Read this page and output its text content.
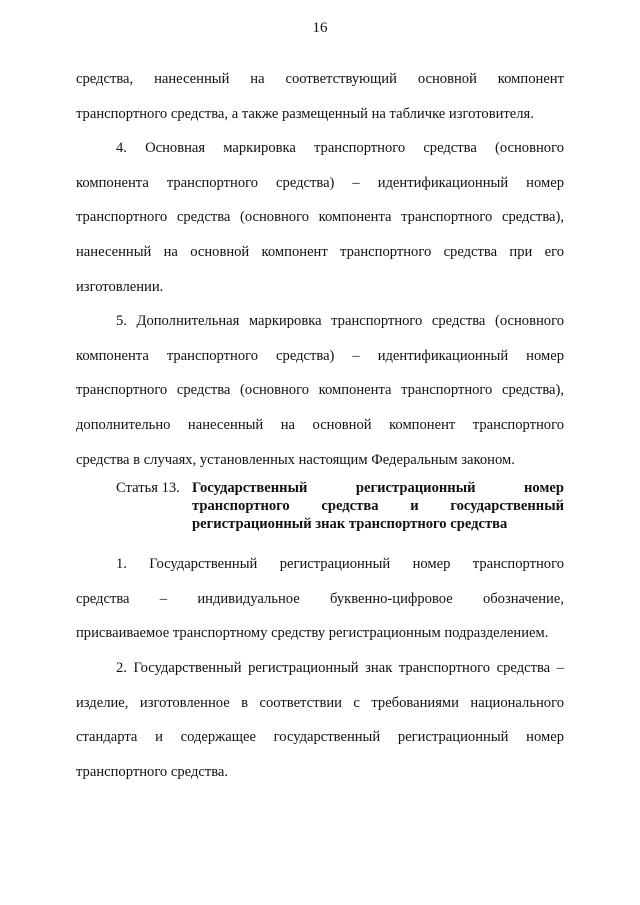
16
средства, нанесенный на соответствующий основной компонент
транспортного средства, а также размещенный на табличке изготовителя.
4. Основная маркировка транспортного средства (основного
компонента транспортного средства) – идентификационный номер
транспортного средства (основного компонента транспортного средства),
нанесенный на основной компонент транспортного средства при его
изготовлении.
5. Дополнительная маркировка транспортного средства (основного
компонента транспортного средства) – идентификационный номер
транспортного средства (основного компонента транспортного средства),
дополнительно нанесенный на основной компонент транспортного
средства в случаях, установленных настоящим Федеральным законом.
Статья 13. Государственный регистрационный номер
транспортного средства и государственный
регистрационный знак транспортного средства
1. Государственный регистрационный номер транспортного
средства – индивидуальное буквенно-цифровое обозначение,
присваиваемое транспортному средству регистрационным подразделением.
2. Государственный регистрационный знак транспортного средства –
изделие, изготовленное в соответствии с требованиями национального
стандарта и содержащее государственный регистрационный номер
транспортного средства.
